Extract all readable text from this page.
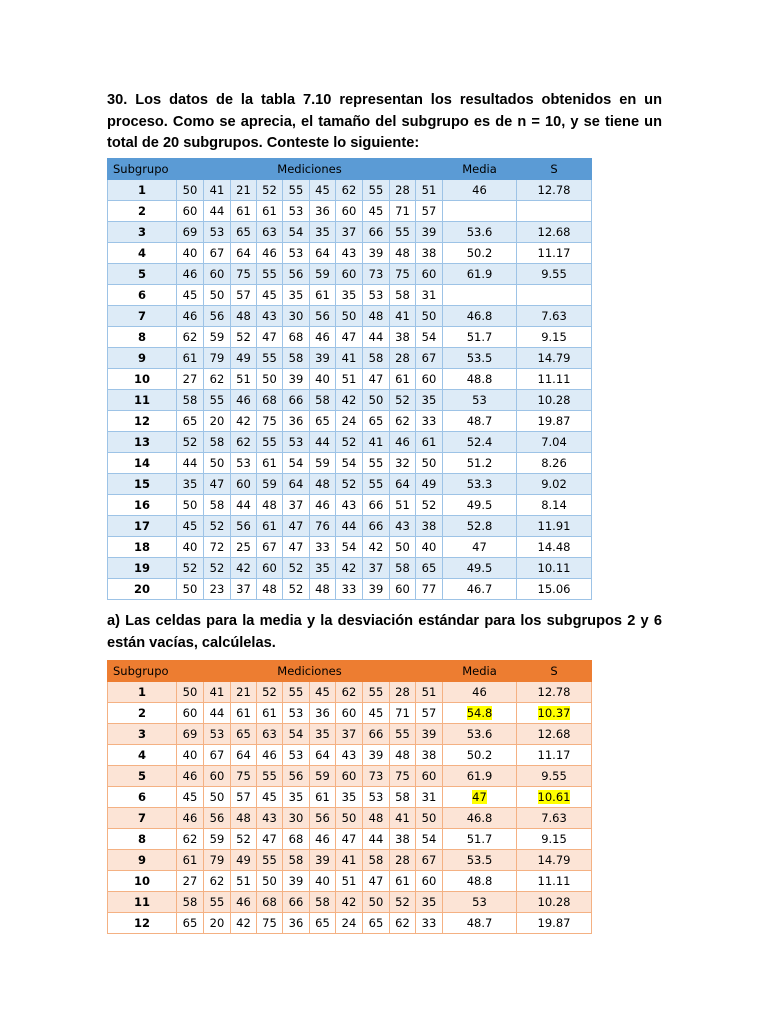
30. Los datos de la tabla 7.10 representan los resultados obtenidos en un proceso. Como se aprecia, el tamaño del subgrupo es de n = 10, y se tiene un total de 20 subgrupos. Conteste lo siguiente:

Subgrupo	Mediciones										Media	S
1	50	41	21	52	55	45	62	55	28	51	46	12.78
2	60	44	61	61	53	36	60	45	71	57		
3	69	53	65	63	54	35	37	66	55	39	53.6	12.68
4	40	67	64	46	53	64	43	39	48	38	50.2	11.17
5	46	60	75	55	56	59	60	73	75	60	61.9	9.55
6	45	50	57	45	35	61	35	53	58	31		
7	46	56	48	43	30	56	50	48	41	50	46.8	7.63
8	62	59	52	47	68	46	47	44	38	54	51.7	9.15
9	61	79	49	55	58	39	41	58	28	67	53.5	14.79
10	27	62	51	50	39	40	51	47	61	60	48.8	11.11
11	58	55	46	68	66	58	42	50	52	35	53	10.28
12	65	20	42	75	36	65	24	65	62	33	48.7	19.87
13	52	58	62	55	53	44	52	41	46	61	52.4	7.04
14	44	50	53	61	54	59	54	55	32	50	51.2	8.26
15	35	47	60	59	64	48	52	55	64	49	53.3	9.02
16	50	58	44	48	37	46	43	66	51	52	49.5	8.14
17	45	52	56	61	47	76	44	66	43	38	52.8	11.91
18	40	72	25	67	47	33	54	42	50	40	47	14.48
19	52	52	42	60	52	35	42	37	58	65	49.5	10.11
20	50	23	37	48	52	48	33	39	60	77	46.7	15.06

a) Las celdas para la media y la desviación estándar para los subgrupos 2 y 6 están vacías, calcúlelas.

Subgrupo	Mediciones										Media	S
1	50	41	21	52	55	45	62	55	28	51	46	12.78
2	60	44	61	61	53	36	60	45	71	57	54.8	10.37
3	69	53	65	63	54	35	37	66	55	39	53.6	12.68
4	40	67	64	46	53	64	43	39	48	38	50.2	11.17
5	46	60	75	55	56	59	60	73	75	60	61.9	9.55
6	45	50	57	45	35	61	35	53	58	31	47	10.61
7	46	56	48	43	30	56	50	48	41	50	46.8	7.63
8	62	59	52	47	68	46	47	44	38	54	51.7	9.15
9	61	79	49	55	58	39	41	58	28	67	53.5	14.79
10	27	62	51	50	39	40	51	47	61	60	48.8	11.11
11	58	55	46	68	66	58	42	50	52	35	53	10.28
12	65	20	42	75	36	65	24	65	62	33	48.7	19.87
